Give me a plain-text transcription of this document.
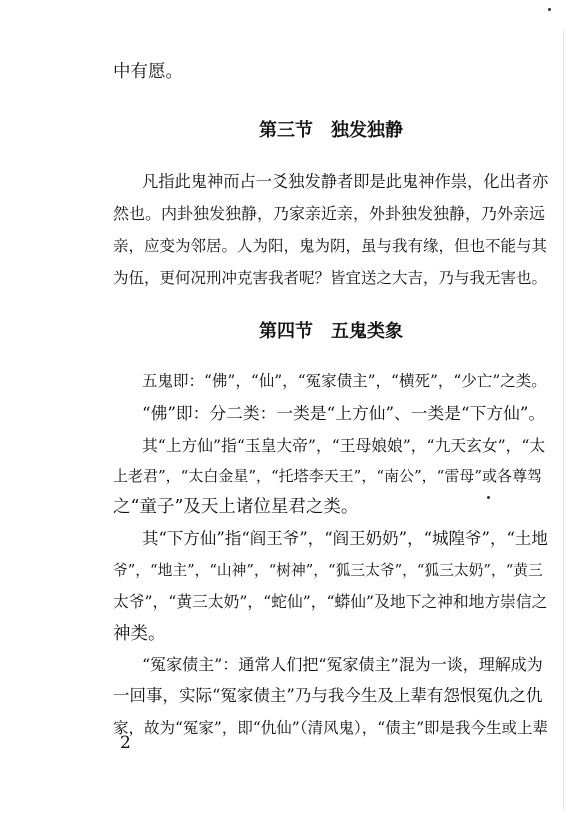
中有愿。
第三节　独发独静
凡指此鬼神而占一爻独发静者即是此鬼神作祟，化出者亦
然也。内卦独发独静，乃家亲近亲，外卦独发独静，乃外亲远
亲，应变为邻居。人为阳，鬼为阴，虽与我有缘，但也不能与其
为伍，更何况刑冲克害我者呢？皆宜送之大吉，乃与我无害也。
第四节　五鬼类象
五鬼即：“佛”，“仙”，“冤家债主”，“横死”，“少亡”之类。
“佛”即：分二类：一类是“上方仙”、一类是“下方仙”。
其“上方仙”指“玉皇大帝”，“王母娘娘”，“九天玄女”，“太
上老君”，“太白金星”，“托塔李天王”，“南公”，“雷母”或各尊驾
之“童子”及天上诸位星君之类。
其“下方仙”指“阎王爷”，“阎王奶奶”，“城隍爷”，“土地
爷”，“地主”，“山神”，“树神”，“狐三太爷”，“狐三太奶”，“黄三
太爷”，“黄三太奶”，“蛇仙”，“蟒仙”及地下之神和地方崇信之
神类。
“冤家债主”：通常人们把“冤家债主”混为一谈，理解成为
一回事，实际“冤家债主”乃与我今生及上辈有怨恨冤仇之仇
家，故为“冤家”，即“仇仙”（清风鬼），“债主”即是我今生或上辈
2
